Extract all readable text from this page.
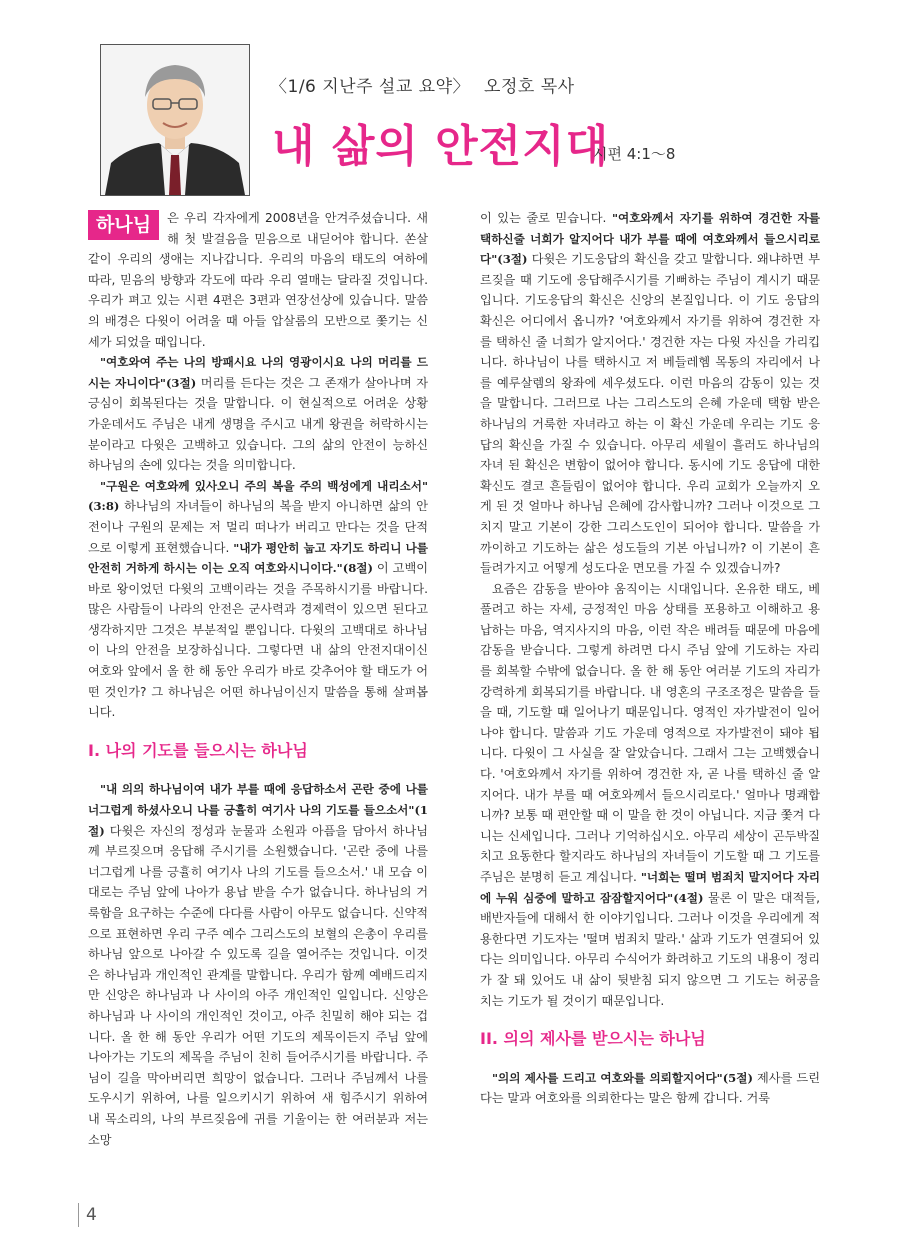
〈1/6 지난주 설교 요약〉 오정호 목사
내 삶의 안전지대
시편 4:1～8

하나님	은 우리 각자에게 2008년을 안겨주셨습니다. 새해 첫 발걸음을 믿음으로 내딛어야 합니다. 쏜살같이 우리의 생애는 지나갑니다. 우리의 마음의 태도의 여하에 따라, 믿음의 방향과 각도에 따라 우리 열매는 달라질 것입니다. 우리가 펴고 있는 시편 4편은 3편과 연장선상에 있습니다. 말씀의 배경은 다윗이 어려울 때 아들 압살롬의 모반으로 쫓기는 신세가 되었을 때입니다.

"여호와여 주는 나의 방패시요 나의 영광이시요 나의 머리를 드시는 자니이다"(3절) 머리를 든다는 것은 그 존재가 살아나며 자긍심이 회복된다는 것을 말합니다. 이 현실적으로 어려운 상황 가운데서도 주님은 내게 생명을 주시고 내게 왕권을 허락하시는 분이라고 다윗은 고백하고 있습니다. 그의 삶의 안전이 능하신 하나님의 손에 있다는 것을 의미합니다.

"구원은 여호와께 있사오니 주의 복을 주의 백성에게 내리소서"(3:8) 하나님의 자녀들이 하나님의 복을 받지 아니하면 삶의 안전이나 구원의 문제는 저 멀리 떠나가 버리고 만다는 것을 단적으로 이렇게 표현했습니다. "내가 평안히 눕고 자기도 하리니 나를 안전히 거하게 하시는 이는 오직 여호와시니이다."(8절) 이 고백이 바로 왕이었던 다윗의 고백이라는 것을 주목하시기를 바랍니다. 많은 사람들이 나라의 안전은 군사력과 경제력이 있으면 된다고 생각하지만 그것은 부분적일 뿐입니다. 다윗의 고백대로 하나님이 나의 안전을 보장하십니다. 그렇다면 내 삶의 안전지대이신 여호와 앞에서 올 한 해 동안 우리가 바로 갖추어야 할 태도가 어떤 것인가? 그 하나님은 어떤 하나님이신지 말씀을 통해 살펴봅니다.

I. 나의 기도를 들으시는 하나님

"내 의의 하나님이여 내가 부를 때에 응답하소서 곤란 중에 나를 너그럽게 하셨사오니 나를 긍휼히 여기사 나의 기도를 들으소서"(1절) 다윗은 자신의 정성과 눈물과 소원과 아픔을 담아서 하나님께 부르짖으며 응답해 주시기를 소원했습니다. '곤란 중에 나를 너그럽게 나를 긍휼히 여기사 나의 기도를 들으소서.' 내 모습 이대로는 주님 앞에 나아가 용납 받을 수가 없습니다. 하나님의 거룩함을 요구하는 수준에 다다를 사람이 아무도 없습니다. 신약적으로 표현하면 우리 구주 예수 그리스도의 보혈의 은총이 우리를 하나님 앞으로 나아갈 수 있도록 길을 열어주는 것입니다. 이것은 하나님과 개인적인 관계를 말합니다. 우리가 함께 예배드리지만 신앙은 하나님과 나 사이의 아주 개인적인 일입니다. 신앙은 하나님과 나 사이의 개인적인 것이고, 아주 친밀히 해야 되는 겁니다. 올 한 해 동안 우리가 어떤 기도의 제목이든지 주님 앞에 나아가는 기도의 제목을 주님이 친히 들어주시기를 바랍니다. 주님이 길을 막아버리면 희망이 없습니다. 그러나 주님께서 나를 도우시기 위하여, 나를 일으키시기 위하여 새 힘주시기 위하여 내 목소리의, 나의 부르짖음에 귀를 기울이는 한 여러분과 저는 소망

이 있는 줄로 믿습니다. "여호와께서 자기를 위하여 경건한 자를 택하신줄 너희가 알지어다 내가 부를 때에 여호와께서 들으시리로다"(3절) 다윗은 기도응답의 확신을 갖고 말합니다. 왜냐하면 부르짖을 때 기도에 응답해주시기를 기뻐하는 주님이 계시기 때문입니다. 기도응답의 확신은 신앙의 본질입니다. 이 기도 응답의 확신은 어디에서 옵니까? '여호와께서 자기를 위하여 경건한 자를 택하신 줄 너희가 알지어다.' 경건한 자는 다윗 자신을 가리킵니다. 하나님이 나를 택하시고 저 베들레헴 목동의 자리에서 나를 예루살렘의 왕좌에 세우셨도다. 이런 마음의 감동이 있는 것을 말합니다. 그러므로 나는 그리스도의 은혜 가운데 택함 받은 하나님의 거룩한 자녀라고 하는 이 확신 가운데 우리는 기도 응답의 확신을 가질 수 있습니다. 아무리 세월이 흘러도 하나님의 자녀 된 확신은 변함이 없어야 합니다. 동시에 기도 응답에 대한 확신도 결코 흔들림이 없어야 합니다. 우리 교회가 오늘까지 오게 된 것 얼마나 하나님 은혜에 감사합니까? 그러나 이것으로 그치지 말고 기본이 강한 그리스도인이 되어야 합니다. 말씀을 가까이하고 기도하는 삶은 성도들의 기본 아닙니까? 이 기본이 흔들려가지고 어떻게 성도다운 면모를 가질 수 있겠습니까?

요즘은 감동을 받아야 움직이는 시대입니다. 온유한 태도, 베풀려고 하는 자세, 긍정적인 마음 상태를 포용하고 이해하고 용납하는 마음, 역지사지의 마음, 이런 작은 배려들 때문에 마음에 감동을 받습니다. 그렇게 하려면 다시 주님 앞에 기도하는 자리를 회복할 수밖에 없습니다. 올 한 해 동안 여러분 기도의 자리가 강력하게 회복되기를 바랍니다. 내 영혼의 구조조정은 말씀을 들을 때, 기도할 때 일어나기 때문입니다. 영적인 자가발전이 일어나야 합니다. 말씀과 기도 가운데 영적으로 자가발전이 돼야 됩니다. 다윗이 그 사실을 잘 알았습니다. 그래서 그는 고백했습니다. '여호와께서 자기를 위하여 경건한 자, 곧 나를 택하신 줄 알지어다. 내가 부를 때 여호와께서 들으시리로다.' 얼마나 명쾌합니까? 보통 때 편안할 때 이 말을 한 것이 아닙니다. 지금 쫓겨 다니는 신세입니다. 그러나 기억하십시오. 아무리 세상이 곤두박질치고 요동한다 할지라도 하나님의 자녀들이 기도할 때 그 기도를 주님은 분명히 듣고 계십니다. "너희는 떨며 범죄치 말지어다 자리에 누워 심중에 말하고 잠잠할지어다"(4절) 물론 이 말은 대적들, 배반자들에 대해서 한 이야기입니다. 그러나 이것을 우리에게 적용한다면 기도자는 '떨며 범죄치 말라.' 삶과 기도가 연결되어 있다는 의미입니다. 아무리 수식어가 화려하고 기도의 내용이 정리가 잘 돼 있어도 내 삶이 뒷받침 되지 않으면 그 기도는 허공을 치는 기도가 될 것이기 때문입니다.

II. 의의 제사를 받으시는 하나님

"의의 제사를 드리고 여호와를 의뢰할지어다"(5절) 제사를 드린다는 말과 여호와를 의뢰한다는 말은 함께 갑니다. 거룩

4
